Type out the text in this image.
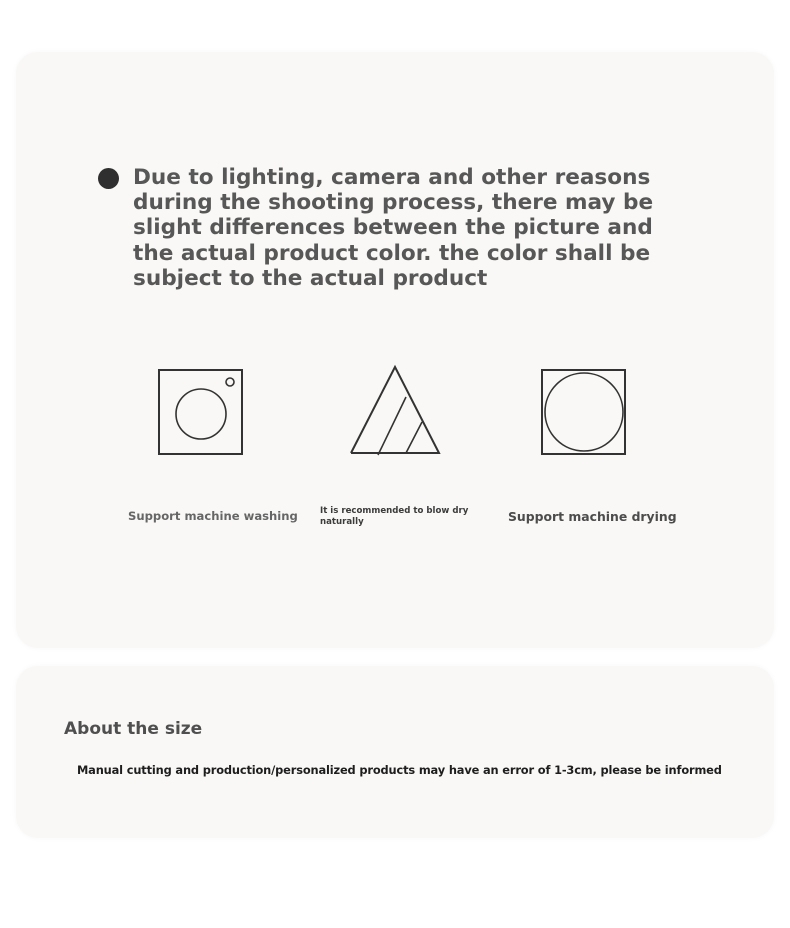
Due to lighting, camera and other reasons during the shooting process, there may be slight differences between the picture and the actual product color. the color shall be subject to the actual product

Support machine washing	It is recommended to blow dry naturally	Support machine drying
About the size
Manual cutting and production/personalized products may have an error of 1-3cm, please be informed
